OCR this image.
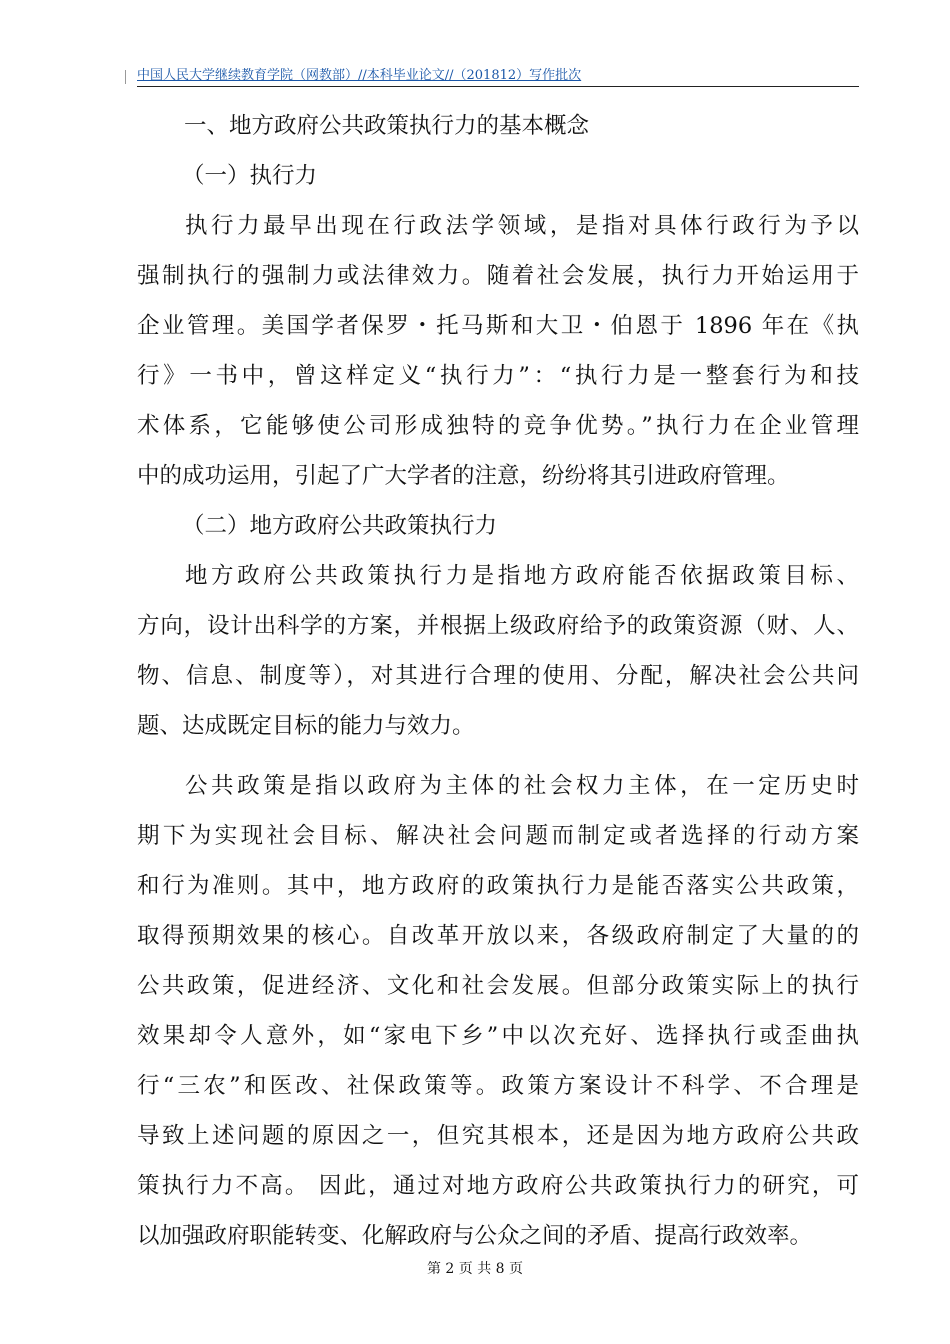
中国人民大学继续教育学院（网教部）//本科毕业论文//（201812）写作批次
一、地方政府公共政策执行力的基本概念
（一）执行力
执行力最早出现在行政法学领域，是指对具体行政行为予以
强制执行的强制力或法律效力。随着社会发展，执行力开始运用于
企业管理。美国学者保罗・托马斯和大卫・伯恩于 1896 年在《执
行》一书中，曾这样定义“执行力”：“执行力是一整套行为和技
术体系，它能够使公司形成独特的竞争优势。”执行力在企业管理
中的成功运用，引起了广大学者的注意，纷纷将其引进政府管理。
（二）地方政府公共政策执行力
地方政府公共政策执行力是指地方政府能否依据政策目标、
方向，设计出科学的方案，并根据上级政府给予的政策资源（财、人、
物、信息、制度等），对其进行合理的使用、分配，解决社会公共问
题、达成既定目标的能力与效力。
公共政策是指以政府为主体的社会权力主体，在一定历史时
期下为实现社会目标、解决社会问题而制定或者选择的行动方案
和行为准则。其中，地方政府的政策执行力是能否落实公共政策，
取得预期效果的核心。自改革开放以来，各级政府制定了大量的的
公共政策，促进经济、文化和社会发展。但部分政策实际上的执行
效果却令人意外，如“家电下乡”中以次充好、选择执行或歪曲执
行“三农”和医改、社保政策等。政策方案设计不科学、不合理是
导致上述问题的原因之一，但究其根本，还是因为地方政府公共政
策执行力不高。 因此，通过对地方政府公共政策执行力的研究，可
以加强政府职能转变、化解政府与公众之间的矛盾、提高行政效率。
第 2 页 共 8 页
